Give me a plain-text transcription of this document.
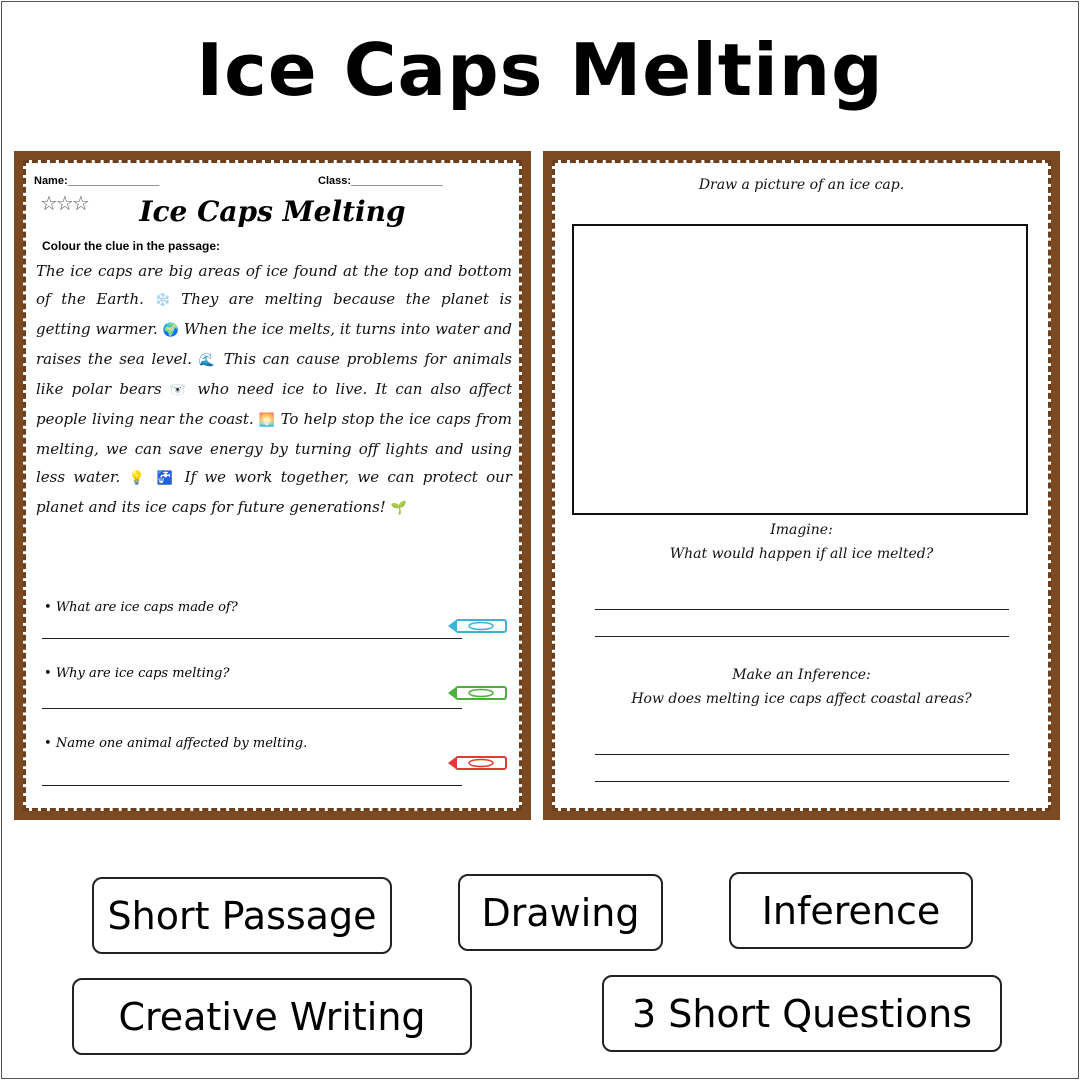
Ice Caps Melting
Name:_______________	Class:_______________
☆☆☆	Ice Caps Melting
Colour the clue in the passage:
The ice caps are big areas of ice found at the top and bottom of the Earth. ❄️ They are melting because the planet is getting warmer. 🌍 When the ice melts, it turns into water and raises the sea level. 🌊 This can cause problems for animals like polar bears 🐻‍❄️ who need ice to live. It can also affect people living near the coast. 🌅 To help stop the ice caps from melting, we can save energy by turning off lights and using less water. 💡 🚰 If we work together, we can protect our planet and its ice caps for future generations! 🌱
• What are ice caps made of?
• Why are ice caps melting?
• Name one animal affected by melting.
Draw a picture of an ice cap.
Imagine:
What would happen if all ice melted?
Make an Inference:
How does melting ice caps affect coastal areas?
Short Passage	Drawing	Inference
Creative Writing	3 Short Questions
